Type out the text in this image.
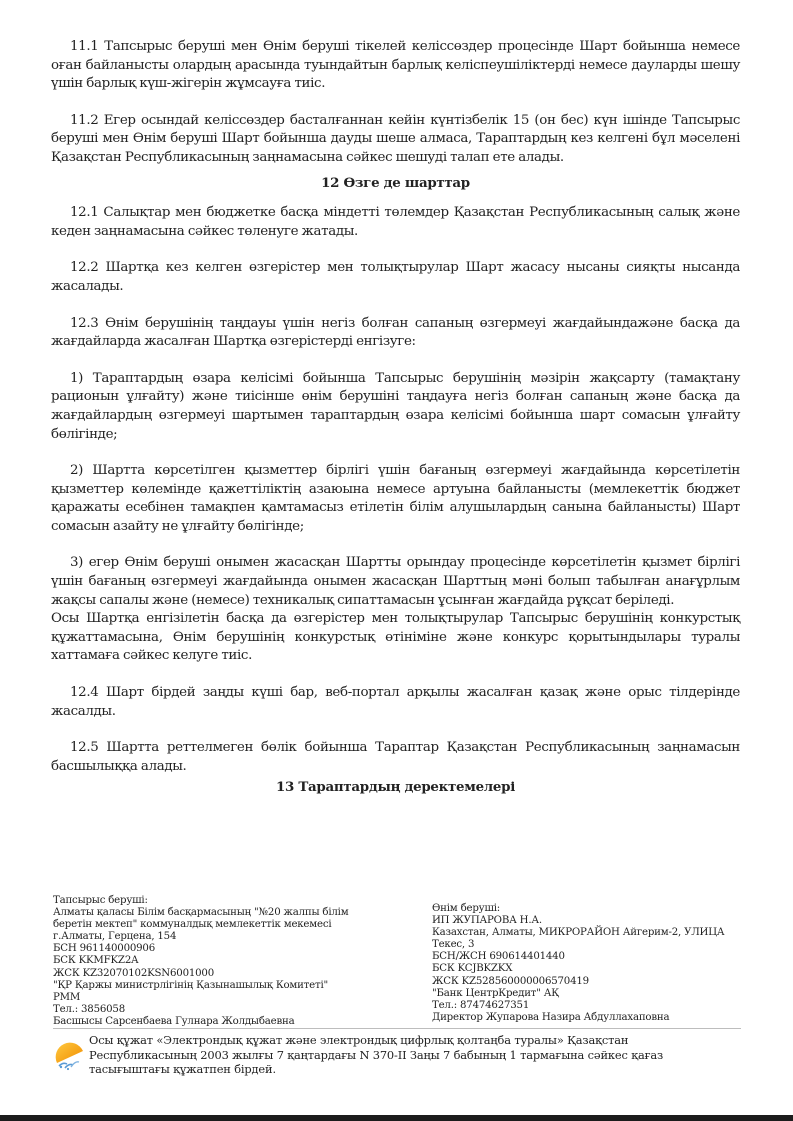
11.1 Тапсырыс беруші мен Өнім беруші тікелей келіссөздер процесінде Шарт бойынша немесе оған байланысты олардың арасында туындайтын барлық келіспеушіліктерді немесе дауларды шешу үшін барлық күш-жігерін жұмсауға тиіс.

11.2 Егер осындай келіссөздер басталғаннан кейін күнтізбелік 15 (он бес) күн ішінде Тапсырыс беруші мен Өнім беруші Шарт бойынша дауды шеше алмаса, Тараптардың кез келгені бұл мәселені Қазақстан Республикасының заңнамасына сәйкес шешуді талап ете алады.

12 Өзге де шарттар

12.1 Салықтар мен бюджетке басқа міндетті төлемдер Қазақстан Республикасының салық және кеден заңнамасына сәйкес төленуге жатады.

12.2 Шартқа кез келген өзгерістер мен толықтырулар Шарт жасасу нысаны сияқты нысанда жасалады.

12.3 Өнім берушінің таңдауы үшін негіз болған сапаның өзгермеуі жағдайындажәне басқа да жағдайларда жасалған Шартқа өзгерістерді енгізуге:

1) Тараптардың өзара келісімі бойынша Тапсырыс берушінің мәзірін жақсарту (тамақтану рационын ұлғайту) және тиісінше өнім берушіні таңдауға негіз болған сапаның және басқа да жағдайлардың өзгермеуі шартымен тараптардың өзара келісімі бойынша шарт сомасын ұлғайту бөлігінде;

2) Шартта көрсетілген қызметтер бірлігі үшін бағаның өзгермеуі жағдайында көрсетілетін қызметтер көлемінде қажеттіліктің азаюына немесе артуына байланысты (мемлекеттік бюджет қаражаты есебінен тамақпен қамтамасыз етілетін білім алушылардың санына байланысты) Шарт сомасын азайту не ұлғайту бөлігінде;

3) егер Өнім беруші онымен жасасқан Шартты орындау процесінде көрсетілетін қызмет бірлігі үшін бағаның өзгермеуі жағдайында онымен жасасқан Шарттың мәні болып табылған анағұрлым жақсы сапалы және (немесе) техникалық сипаттамасын ұсынған жағдайда рұқсат беріледі.

Осы Шартқа енгізілетін басқа да өзгерістер мен толықтырулар Тапсырыс берушінің конкурстық құжаттамасына, Өнім берушінің конкурстық өтініміне және конкурс қорытындылары туралы хаттамаға сәйкес келуге тиіс.

12.4 Шарт бірдей заңды күші бар, веб-портал арқылы жасалған қазақ және орыс тілдерінде жасалды.

12.5 Шартта реттелмеген бөлік бойынша Тараптар Қазақстан Республикасының заңнамасын басшылыққа алады.

13 Тараптардың деректемелері

Тапсырыс беруші:
Алматы қаласы Білім басқармасының "№20 жалпы білім беретін мектеп" коммуналдық мемлекеттік мекемесі
г.Алматы, Герцена, 154
БСН 961140000906
БСК KKMFKZ2A
ЖСК KZ32070102KSN6001000
"ҚР Қаржы министрлігінің Қазынашылық Комитеті"
РММ
Тел.: 3856058
Басшысы Сарсенбаева Гулнара Жолдыбаевна
Өнім беруші:
ИП ЖУПАРОВА Н.А.
Казахстан, Алматы, МИКРОРАЙОН Айгерим-2, УЛИЦА
Текес, 3
БСН/ЖСН 690614401440
БСК KCJBKZKX
ЖСК KZ528560000006570419
"Банк ЦентрКредит" АҚ
Тел.: 87474627351
Директор Жупарова Назира Абдуллахаповна
Осы құжат «Электрондық құжат және электрондық цифрлық қолтаңба туралы» Қазақстан
Республикасының 2003 жылғы 7 қаңтардағы N 370-II Заңы 7 бабының 1 тармағына сәйкес қағаз
тасығыштағы құжатпен бірдей.
